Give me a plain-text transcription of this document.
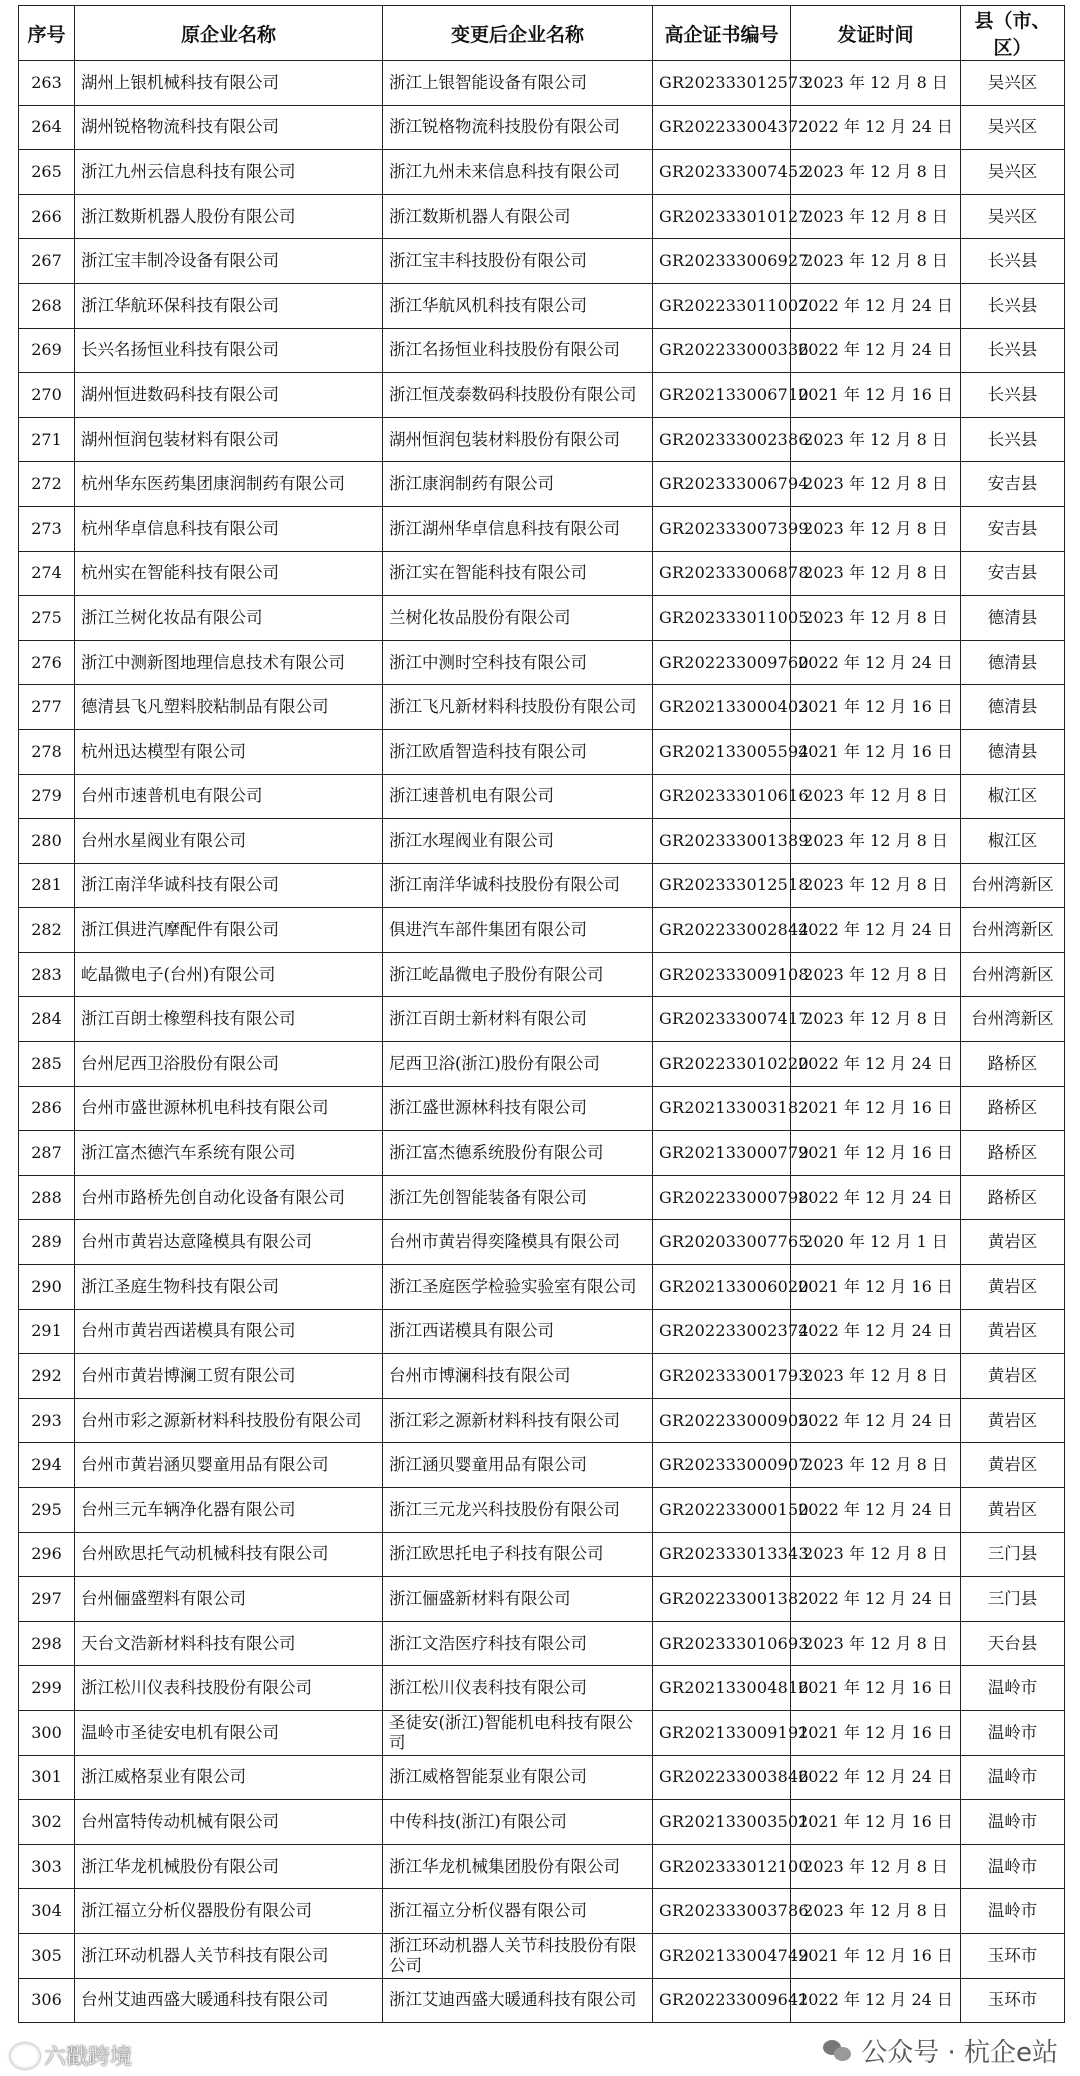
序号	原企业名称	变更后企业名称	高企证书编号	发证时间	县（市、区）
263	湖州上银机械科技有限公司	浙江上银智能设备有限公司	GR202333012573	2023 年 12 月 8 日	吴兴区
264	湖州锐格物流科技有限公司	浙江锐格物流科技股份有限公司	GR202233004372	2022 年 12 月 24 日	吴兴区
265	浙江九州云信息科技有限公司	浙江九州未来信息科技有限公司	GR202333007452	2023 年 12 月 8 日	吴兴区
266	浙江数斯机器人股份有限公司	浙江数斯机器人有限公司	GR202333010127	2023 年 12 月 8 日	吴兴区
267	浙江宝丰制冷设备有限公司	浙江宝丰科技股份有限公司	GR202333006927	2023 年 12 月 8 日	长兴县
268	浙江华航环保科技有限公司	浙江华航风机科技有限公司	GR202233011007	2022 年 12 月 24 日	长兴县
269	长兴名扬恒业科技有限公司	浙江名扬恒业科技股份有限公司	GR202233000336	2022 年 12 月 24 日	长兴县
270	湖州恒进数码科技有限公司	浙江恒茂泰数码科技股份有限公司	GR202133006710	2021 年 12 月 16 日	长兴县
271	湖州恒润包装材料有限公司	湖州恒润包装材料股份有限公司	GR202333002386	2023 年 12 月 8 日	长兴县
272	杭州华东医药集团康润制药有限公司	浙江康润制药有限公司	GR202333006794	2023 年 12 月 8 日	安吉县
273	杭州华卓信息科技有限公司	浙江湖州华卓信息科技有限公司	GR202333007399	2023 年 12 月 8 日	安吉县
274	杭州实在智能科技有限公司	浙江实在智能科技有限公司	GR202333006878	2023 年 12 月 8 日	安吉县
275	浙江兰树化妆品有限公司	兰树化妆品股份有限公司	GR202333011005	2023 年 12 月 8 日	德清县
276	浙江中测新图地理信息技术有限公司	浙江中测时空科技有限公司	GR202233009760	2022 年 12 月 24 日	德清县
277	德清县飞凡塑料胶粘制品有限公司	浙江飞凡新材料科技股份有限公司	GR202133000403	2021 年 12 月 16 日	德清县
278	杭州迅达模型有限公司	浙江欧盾智造科技有限公司	GR202133005594	2021 年 12 月 16 日	德清县
279	台州市速普机电有限公司	浙江速普机电有限公司	GR202333010616	2023 年 12 月 8 日	椒江区
280	台州水星阀业有限公司	浙江水瑆阀业有限公司	GR202333001389	2023 年 12 月 8 日	椒江区
281	浙江南洋华诚科技有限公司	浙江南洋华诚科技股份有限公司	GR202333012518	2023 年 12 月 8 日	台州湾新区
282	浙江俱进汽摩配件有限公司	俱进汽车部件集团有限公司	GR202233002844	2022 年 12 月 24 日	台州湾新区
283	屹晶微电子(台州)有限公司	浙江屹晶微电子股份有限公司	GR202333009108	2023 年 12 月 8 日	台州湾新区
284	浙江百朗士橡塑科技有限公司	浙江百朗士新材料有限公司	GR202333007417	2023 年 12 月 8 日	台州湾新区
285	台州尼西卫浴股份有限公司	尼西卫浴(浙江)股份有限公司	GR202233010220	2022 年 12 月 24 日	路桥区
286	台州市盛世源林机电科技有限公司	浙江盛世源林科技有限公司	GR202133003182	2021 年 12 月 16 日	路桥区
287	浙江富杰德汽车系统有限公司	浙江富杰德系统股份有限公司	GR202133000779	2021 年 12 月 16 日	路桥区
288	台州市路桥先创自动化设备有限公司	浙江先创智能装备有限公司	GR202233000798	2022 年 12 月 24 日	路桥区
289	台州市黄岩达意隆模具有限公司	台州市黄岩得奕隆模具有限公司	GR202033007765	2020 年 12 月 1 日	黄岩区
290	浙江圣庭生物科技有限公司	浙江圣庭医学检验实验室有限公司	GR202133006020	2021 年 12 月 16 日	黄岩区
291	台州市黄岩西诺模具有限公司	浙江西诺模具有限公司	GR202233002374	2022 年 12 月 24 日	黄岩区
292	台州市黄岩博澜工贸有限公司	台州市博澜科技有限公司	GR202333001793	2023 年 12 月 8 日	黄岩区
293	台州市彩之源新材料科技股份有限公司	浙江彩之源新材料科技有限公司	GR202233000905	2022 年 12 月 24 日	黄岩区
294	台州市黄岩涵贝婴童用品有限公司	浙江涵贝婴童用品有限公司	GR202333000907	2023 年 12 月 8 日	黄岩区
295	台州三元车辆净化器有限公司	浙江三元龙兴科技股份有限公司	GR202233000150	2022 年 12 月 24 日	黄岩区
296	台州欧思托气动机械科技有限公司	浙江欧思托电子科技有限公司	GR202333013343	2023 年 12 月 8 日	三门县
297	台州俪盛塑料有限公司	浙江俪盛新材料有限公司	GR202233001382	2022 年 12 月 24 日	三门县
298	天台文浩新材料科技有限公司	浙江文浩医疗科技有限公司	GR202333010693	2023 年 12 月 8 日	天台县
299	浙江松川仪表科技股份有限公司	浙江松川仪表科技有限公司	GR202133004816	2021 年 12 月 16 日	温岭市
300	温岭市圣徒安电机有限公司	圣徒安(浙江)智能机电科技有限公司	GR202133009191	2021 年 12 月 16 日	温岭市
301	浙江威格泵业有限公司	浙江威格智能泵业有限公司	GR202233003846	2022 年 12 月 24 日	温岭市
302	台州富特传动机械有限公司	中传科技(浙江)有限公司	GR202133003501	2021 年 12 月 16 日	温岭市
303	浙江华龙机械股份有限公司	浙江华龙机械集团股份有限公司	GR202333012100	2023 年 12 月 8 日	温岭市
304	浙江福立分析仪器股份有限公司	浙江福立分析仪器有限公司	GR202333003786	2023 年 12 月 8 日	温岭市
305	浙江环动机器人关节科技有限公司	浙江环动机器人关节科技股份有限公司	GR202133004749	2021 年 12 月 16 日	玉环市
306	台州艾迪西盛大暖通科技有限公司	浙江艾迪西盛大暖通科技有限公司	GR202233009641	2022 年 12 月 24 日	玉环市
六戳跨境	公众号 · 杭企e站
